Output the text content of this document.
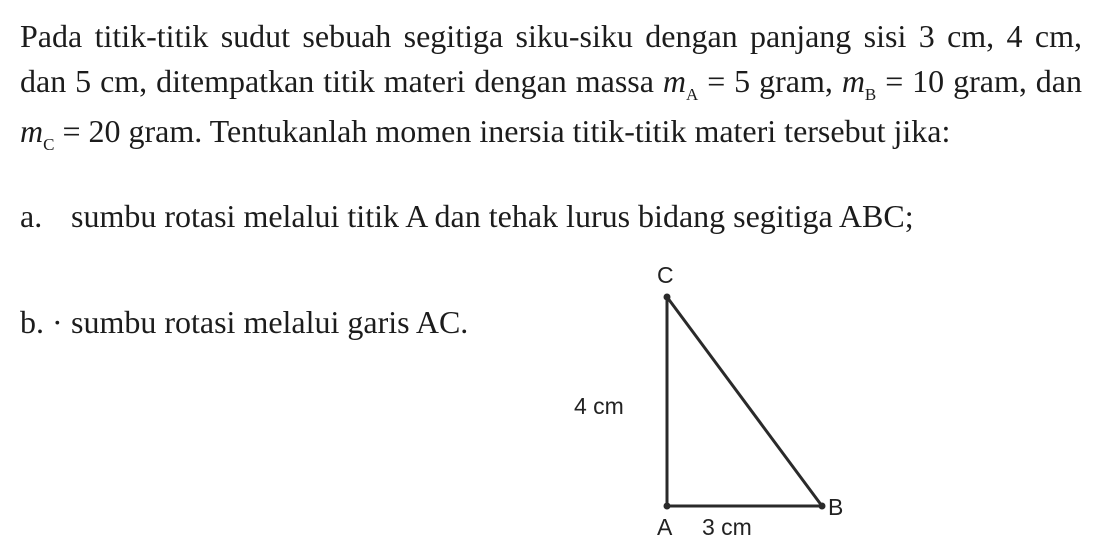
Pada titik-titik sudut sebuah segitiga siku-siku dengan panjang sisi 3 cm, 4 cm, dan 5 cm, ditempatkan titik materi dengan massa $m_A = 5$ gram, $m_B = 10$ gram, dan $m_C = 20$ gram. Tentukanlah momen inersia titik-titik materi tersebut jika:

a. sumbu rotasi melalui titik A dan tehak lurus bidang segitiga ABC;
b. · sumbu rotasi melalui garis AC.
C
4 cm
B
A 3 cm
